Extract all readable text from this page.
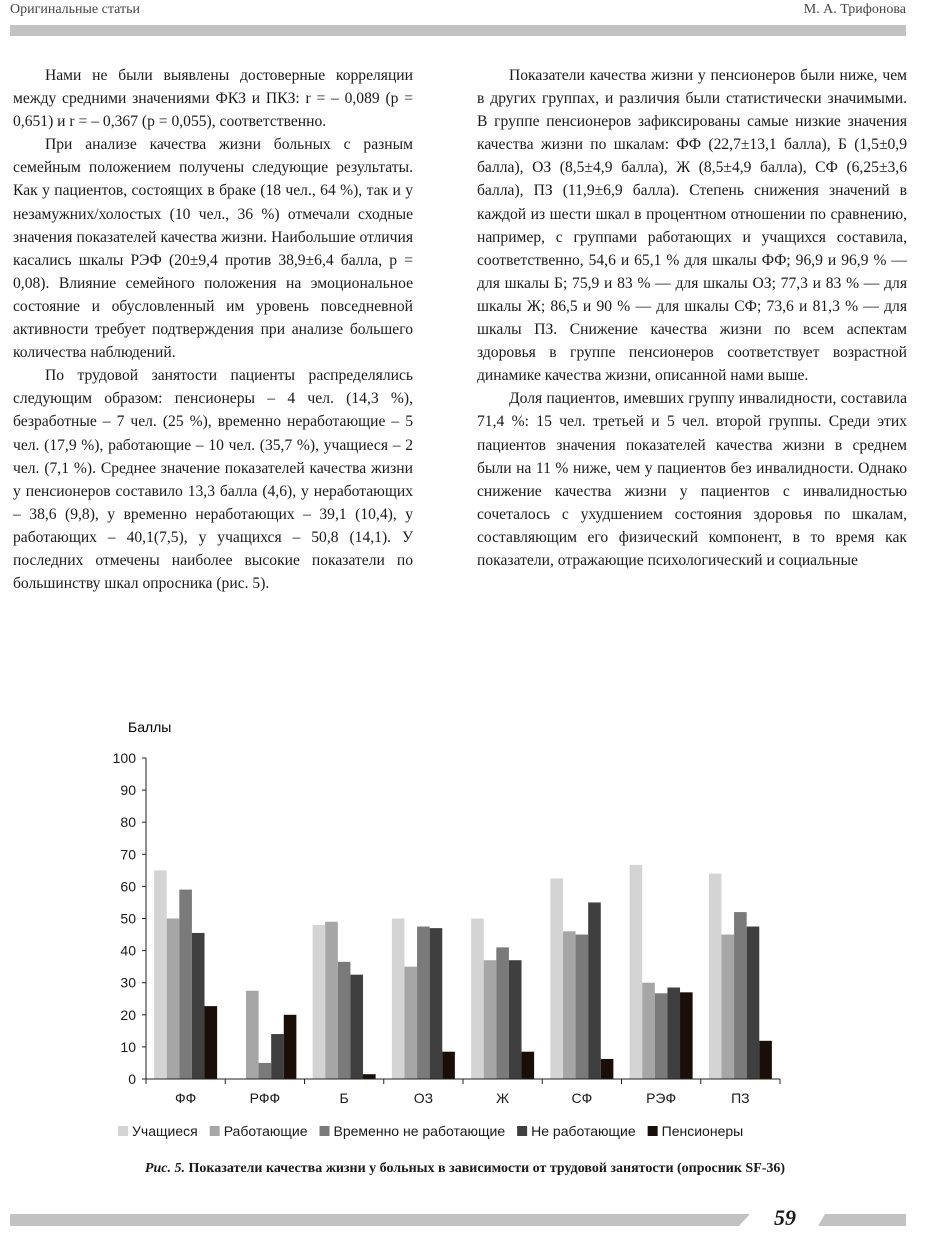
Оригинальные статьи	М. А. Трифонова

Нами не были выявлены достоверные корреляции между средними значениями ФКЗ и ПКЗ: r = – 0,089 (p = 0,651) и r = – 0,367 (p = 0,055), соответственно.

При анализе качества жизни больных с разным семейным положением получены следующие результаты. Как у пациентов, состоящих в браке (18 чел., 64 %), так и у незамужних/холостых (10 чел., 36 %) отмечали сходные значения показателей качества жизни. Наибольшие отличия касались шкалы РЭФ (20±9,4 против 38,9±6,4 балла, p = 0,08). Влияние семейного положения на эмоциональное состояние и обусловленный им уровень повседневной активности требует подтверждения при анализе большего количества наблюдений.

По трудовой занятости пациенты распределялись следующим образом: пенсионеры – 4 чел. (14,3 %), безработные – 7 чел. (25 %), временно неработающие – 5 чел. (17,9 %), работающие – 10 чел. (35,7 %), учащиеся – 2 чел. (7,1 %). Среднее значение показателей качества жизни у пенсионеров составило 13,3 балла (4,6), у неработающих – 38,6 (9,8), у временно неработающих – 39,1 (10,4), у работающих – 40,1(7,5), у учащихся – 50,8 (14,1). У последних отмечены наиболее высокие показатели по большинству шкал опросника (рис. 5).

Показатели качества жизни у пенсионеров были ниже, чем в других группах, и различия были статистически значимыми. В группе пенсионеров зафиксированы самые низкие значения качества жизни по шкалам: ФФ (22,7±13,1 балла), Б (1,5±0,9 балла), ОЗ (8,5±4,9 балла), Ж (8,5±4,9 балла), СФ (6,25±3,6 балла), ПЗ (11,9±6,9 балла). Степень снижения значений в каждой из шести шкал в процентном отношении по сравнению, например, с группами работающих и учащихся составила, соответственно, 54,6 и 65,1 % для шкалы ФФ; 96,9 и 96,9 % — для шкалы Б; 75,9 и 83 % — для шкалы ОЗ; 77,3 и 83 % — для шкалы Ж; 86,5 и 90 % — для шкалы СФ; 73,6 и 81,3 % — для шкалы ПЗ. Снижение качества жизни по всем аспектам здоровья в группе пенсионеров соответствует возрастной динамике качества жизни, описанной нами выше.

Доля пациентов, имевших группу инвалидности, составила 71,4 %: 15 чел. третьей и 5 чел. второй группы. Среди этих пациентов значения показателей качества жизни в среднем были на 11 % ниже, чем у пациентов без инвалидности. Однако снижение качества жизни у пациентов с инвалидностью сочеталось с ухудшением состояния здоровья по шкалам, составляющим его физический компонент, в то время как показатели, отражающие психологический и социальные

Баллы
0
10
20
30
40
50
60
70
80
90
100
ФФ	РФФ	Б	ОЗ	Ж	СФ	РЭФ	ПЗ
Учащиеся Работающие Временно не работающие Не работающие Пенсионеры
Рис. 5. Показатели качества жизни у больных в зависимости от трудовой занятости (опросник SF-36)
59
